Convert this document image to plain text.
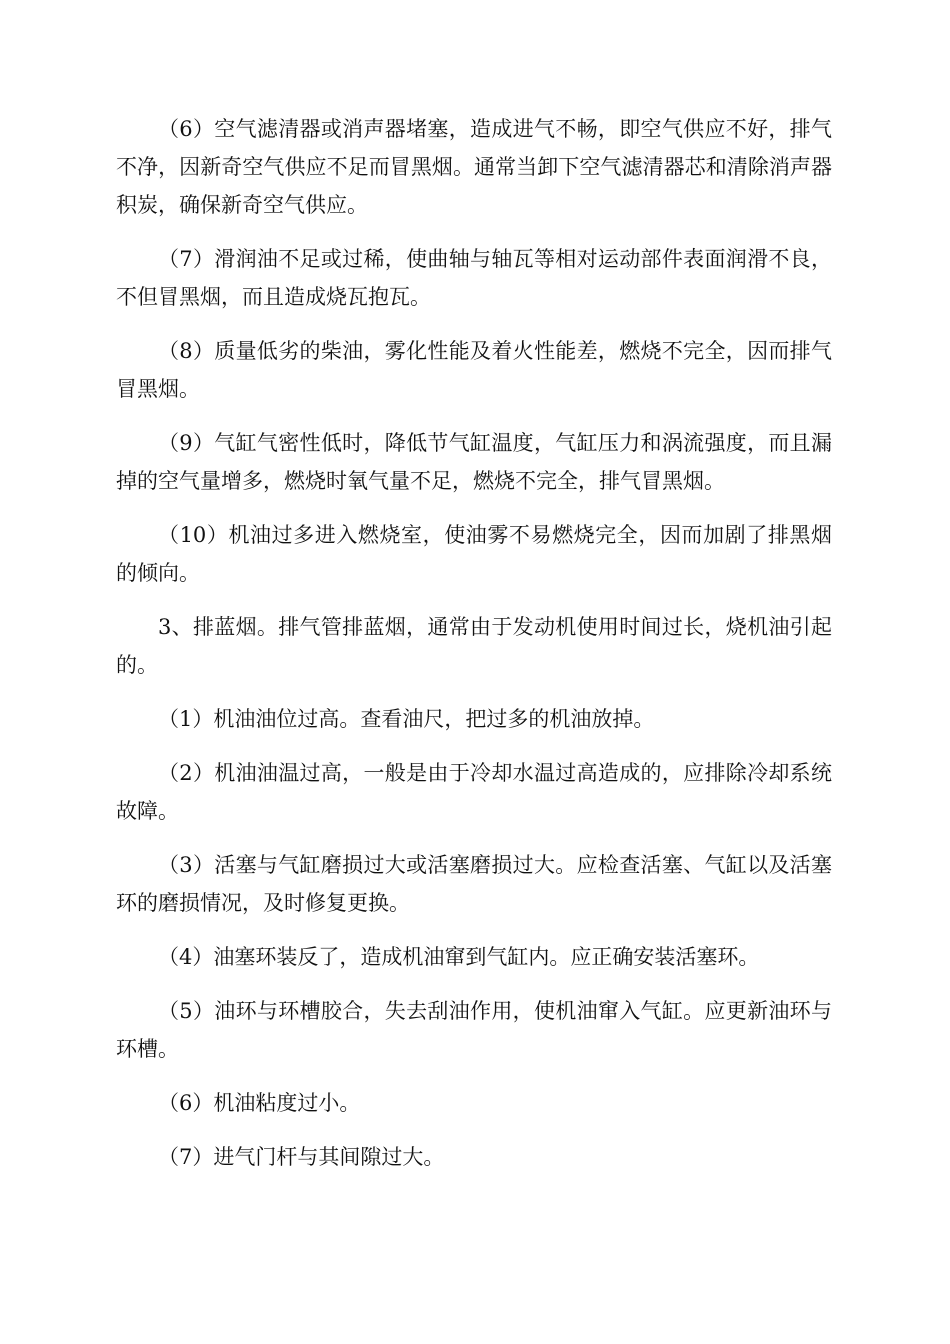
（6）空气滤清器或消声器堵塞，造成进气不畅，即空气供应不好，排气不净，因新奇空气供应不足而冒黑烟。通常当卸下空气滤清器芯和清除消声器积炭，确保新奇空气供应。

（7）滑润油不足或过稀，使曲轴与轴瓦等相对运动部件表面润滑不良，不但冒黑烟，而且造成烧瓦抱瓦。

（8）质量低劣的柴油，雾化性能及着火性能差，燃烧不完全，因而排气冒黑烟。

（9）气缸气密性低时，降低节气缸温度，气缸压力和涡流强度，而且漏掉的空气量增多，燃烧时氧气量不足，燃烧不完全，排气冒黑烟。

（10）机油过多进入燃烧室，使油雾不易燃烧完全，因而加剧了排黑烟的倾向。

3、排蓝烟。排气管排蓝烟，通常由于发动机使用时间过长，烧机油引起的。

（1）机油油位过高。查看油尺，把过多的机油放掉。

（2）机油油温过高，一般是由于冷却水温过高造成的，应排除冷却系统故障。

（3）活塞与气缸磨损过大或活塞磨损过大。应检查活塞、气缸以及活塞环的磨损情况，及时修复更换。

（4）油塞环装反了，造成机油窜到气缸内。应正确安装活塞环。

（5）油环与环槽胶合，失去刮油作用，使机油窜入气缸。应更新油环与环槽。

（6）机油粘度过小。

（7）进气门杆与其间隙过大。
